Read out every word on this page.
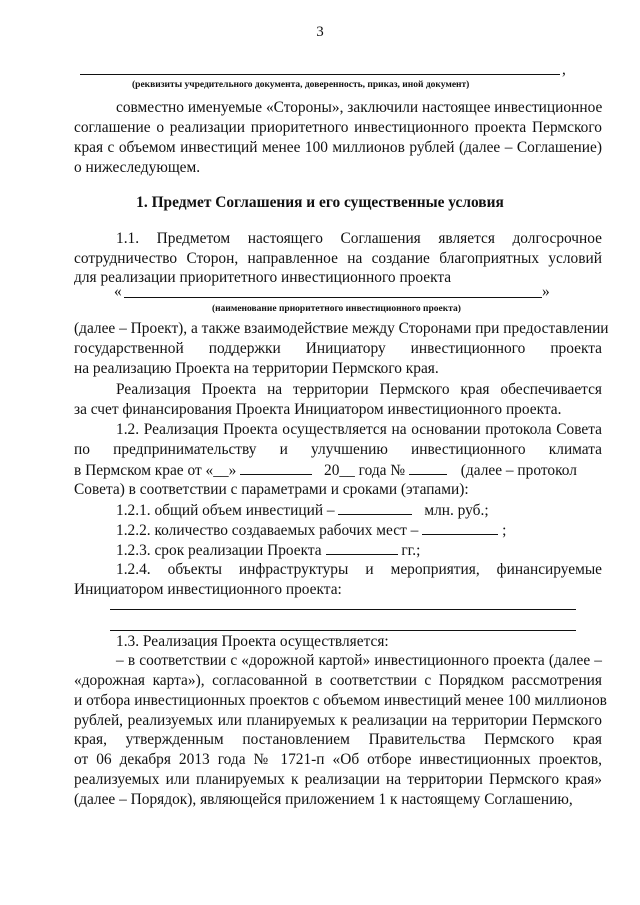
3
,
(реквизиты учредительного документа, доверенность, приказ, иной документ)
совместно именуемые «Стороны», заключили настоящее инвестиционное
соглашение о реализации приоритетного инвестиционного проекта Пермского
края с объемом инвестиций менее 100 миллионов рублей (далее – Соглашение)
о нижеследующем.
1. Предмет Соглашения и его существенные условия
1.1. Предметом настоящего Соглашения является долгосрочное
сотрудничество Сторон, направленное на создание благоприятных условий
для реализации приоритетного инвестиционного проекта
«	»
(наименование приоритетного инвестиционного проекта)
(далее – Проект), а также взаимодействие между Сторонами при предоставлении
государственной поддержки Инициатору инвестиционного проекта
на реализацию Проекта на территории Пермского края.
Реализация Проекта на территории Пермского края обеспечивается
за счет финансирования Проекта Инициатором инвестиционного проекта.
1.2. Реализация Проекта осуществляется на основании протокола Совета
по предпринимательству и улучшению инвестиционного климата
в Пермском крае от «__»	20__ года №	(далее – протокол
Совета) в соответствии с параметрами и сроками (этапами):
1.2.1. общий объем инвестиций –	млн. руб.;
1.2.2. количество создаваемых рабочих мест –	;
1.2.3. срок реализации Проекта	гг.;
1.2.4. объекты инфраструктуры и мероприятия, финансируемые
Инициатором инвестиционного проекта:
1.3. Реализация Проекта осуществляется:
– в соответствии с «дорожной картой» инвестиционного проекта (далее –
«дорожная карта»), согласованной в соответствии с Порядком рассмотрения
и отбора инвестиционных проектов с объемом инвестиций менее 100 миллионов
рублей, реализуемых или планируемых к реализации на территории Пермского
края, утвержденным постановлением Правительства Пермского края
от 06 декабря 2013 года № 1721-п «Об отборе инвестиционных проектов,
реализуемых или планируемых к реализации на территории Пермского края»
(далее – Порядок), являющейся приложением 1 к настоящему Соглашению,
